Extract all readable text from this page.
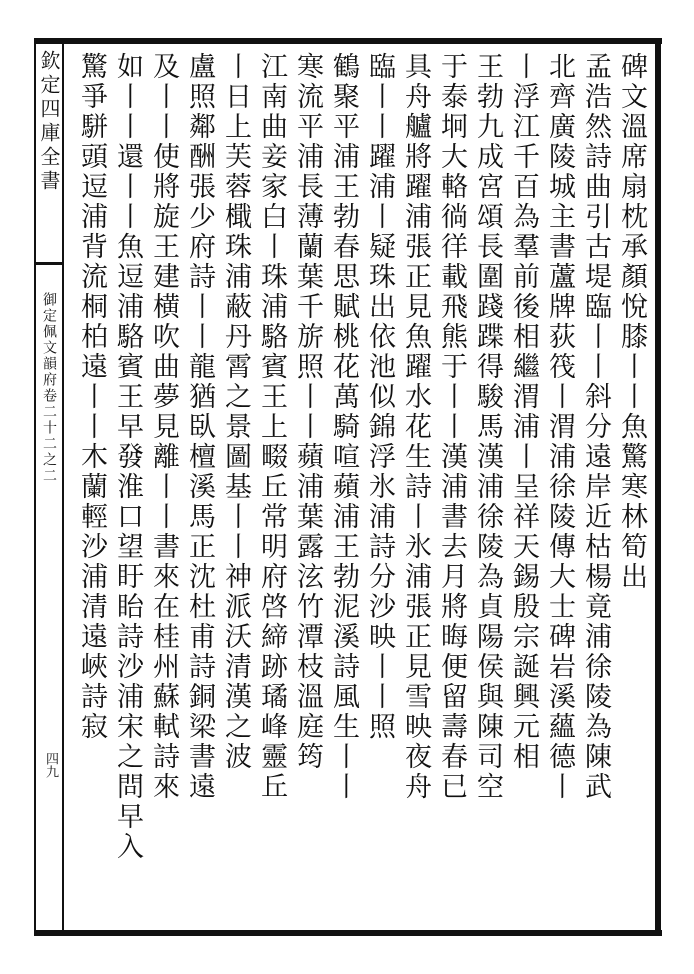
欽定四庫全書
御定佩文韻府卷二十二之二
四九
碑文溫席扇枕承顏悅膝丨丨魚驚寒林筍出
孟浩然詩曲引古堤臨丨丨斜分遠岸近枯楊竟浦徐陵為陳武
北齊廣陵城主書蘆牌荻筏丨渭浦徐陵傳大士碑岩溪蘊德丨
丨浮江千百為羣前後相繼渭浦丨呈祥天錫殷宗誕興元相
王勃九成宮頌長圍踐蹀得駿馬漢浦徐陵為貞陽侯與陳司空
于泰坰大輅徜徉載飛熊于丨丨漢浦書去月將晦便留壽春已
具舟艫將躍浦張正見魚躍水花生詩丨氷浦張正見雪映夜舟
臨丨丨躍浦丨疑珠出依池似錦浮氷浦詩分沙映丨丨照
鶴聚平浦王勃春思賦桃花萬騎喧蘋浦王勃泥溪詩風生丨丨
寒流平浦長薄蘭葉千旂照丨丨蘋浦葉露泫竹潭枝溫庭筠
江南曲妾家白丨珠浦駱賓王上畷丘常明府啓締跡璚峰靈丘
丨日上芙蓉檝珠浦蔽丹霄之景圖基丨丨神派沃清漢之波
盧照鄰酬張少府詩丨丨龍猶臥檀溪馬正沈杜甫詩銅梁書遠
及丨丨使將旋王建横吹曲夢見離丨丨書來在桂州蘇軾詩來
如丨丨還丨丨魚逗浦駱賓王早發淮口望盱眙詩沙浦宋之問早入
驚爭駢頭逗浦背流桐柏遠丨丨木蘭輕沙浦清遠峽詩寂
